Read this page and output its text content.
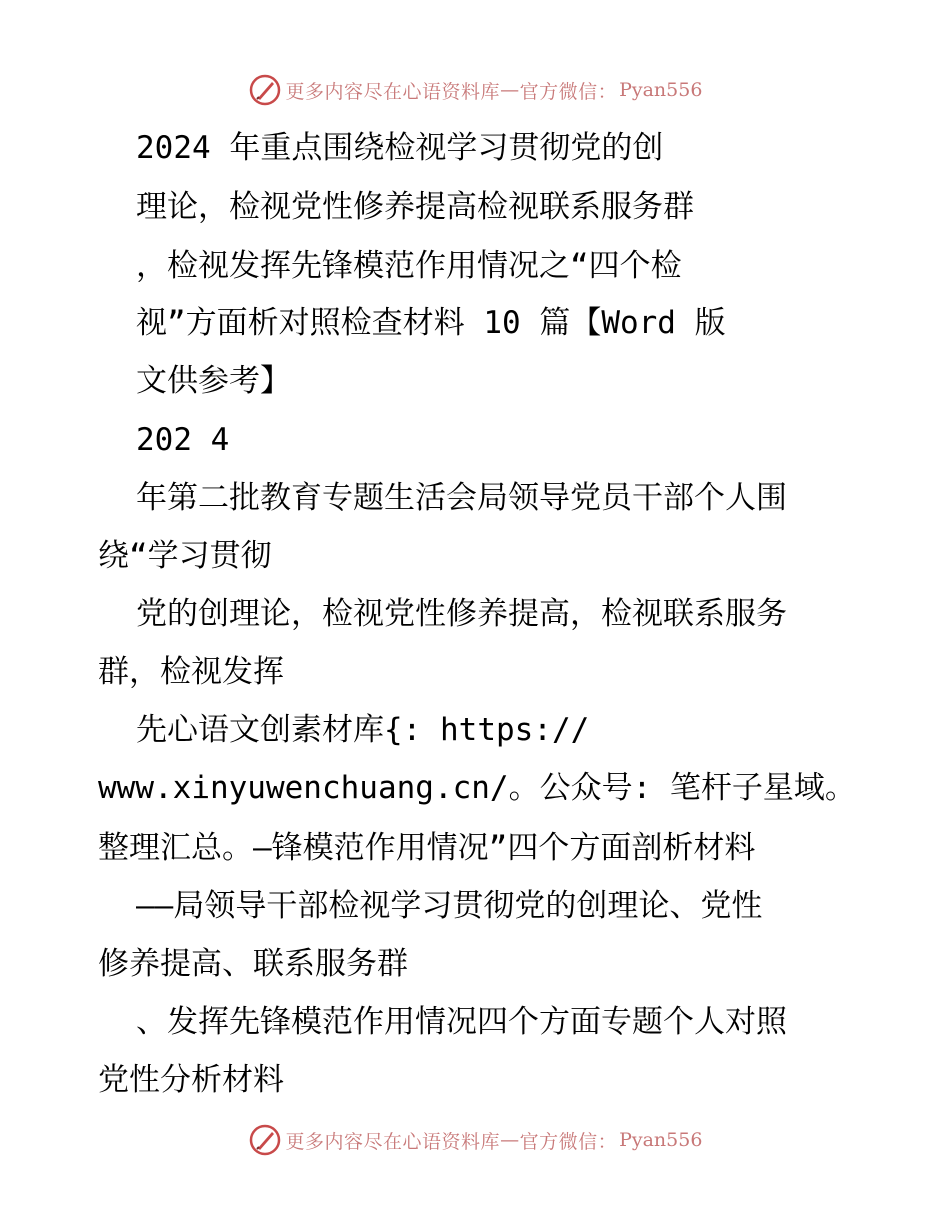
更多内容尽在心语资料库 — 官方微信： Pyan556
2024 年重点围绕检视学习贯彻党的创
理论，检视党性修养提高检视联系服务群
，检视发挥先锋模范作用情况之“四个检
视”方面析对照检查材料 10 篇【Word 版
文供参考】
202 4
年第二批教育专题生活会局领导党员干部个人围
绕“学习贯彻
党的创理论，检视党性修养提高，检视联系服务
群，检视发挥
先心语文创素材库{: https://
www.xinyuwenchuang.cn/。公众号: 笔杆子星域。
整理汇总。—锋模范作用情况”四个方面剖析材料
——局领导干部检视学习贯彻党的创理论、党性
修养提高、联系服务群
、发挥先锋模范作用情况四个方面专题个人对照
党性分析材料
更多内容尽在心语资料库 — 官方微信： Pyan556
